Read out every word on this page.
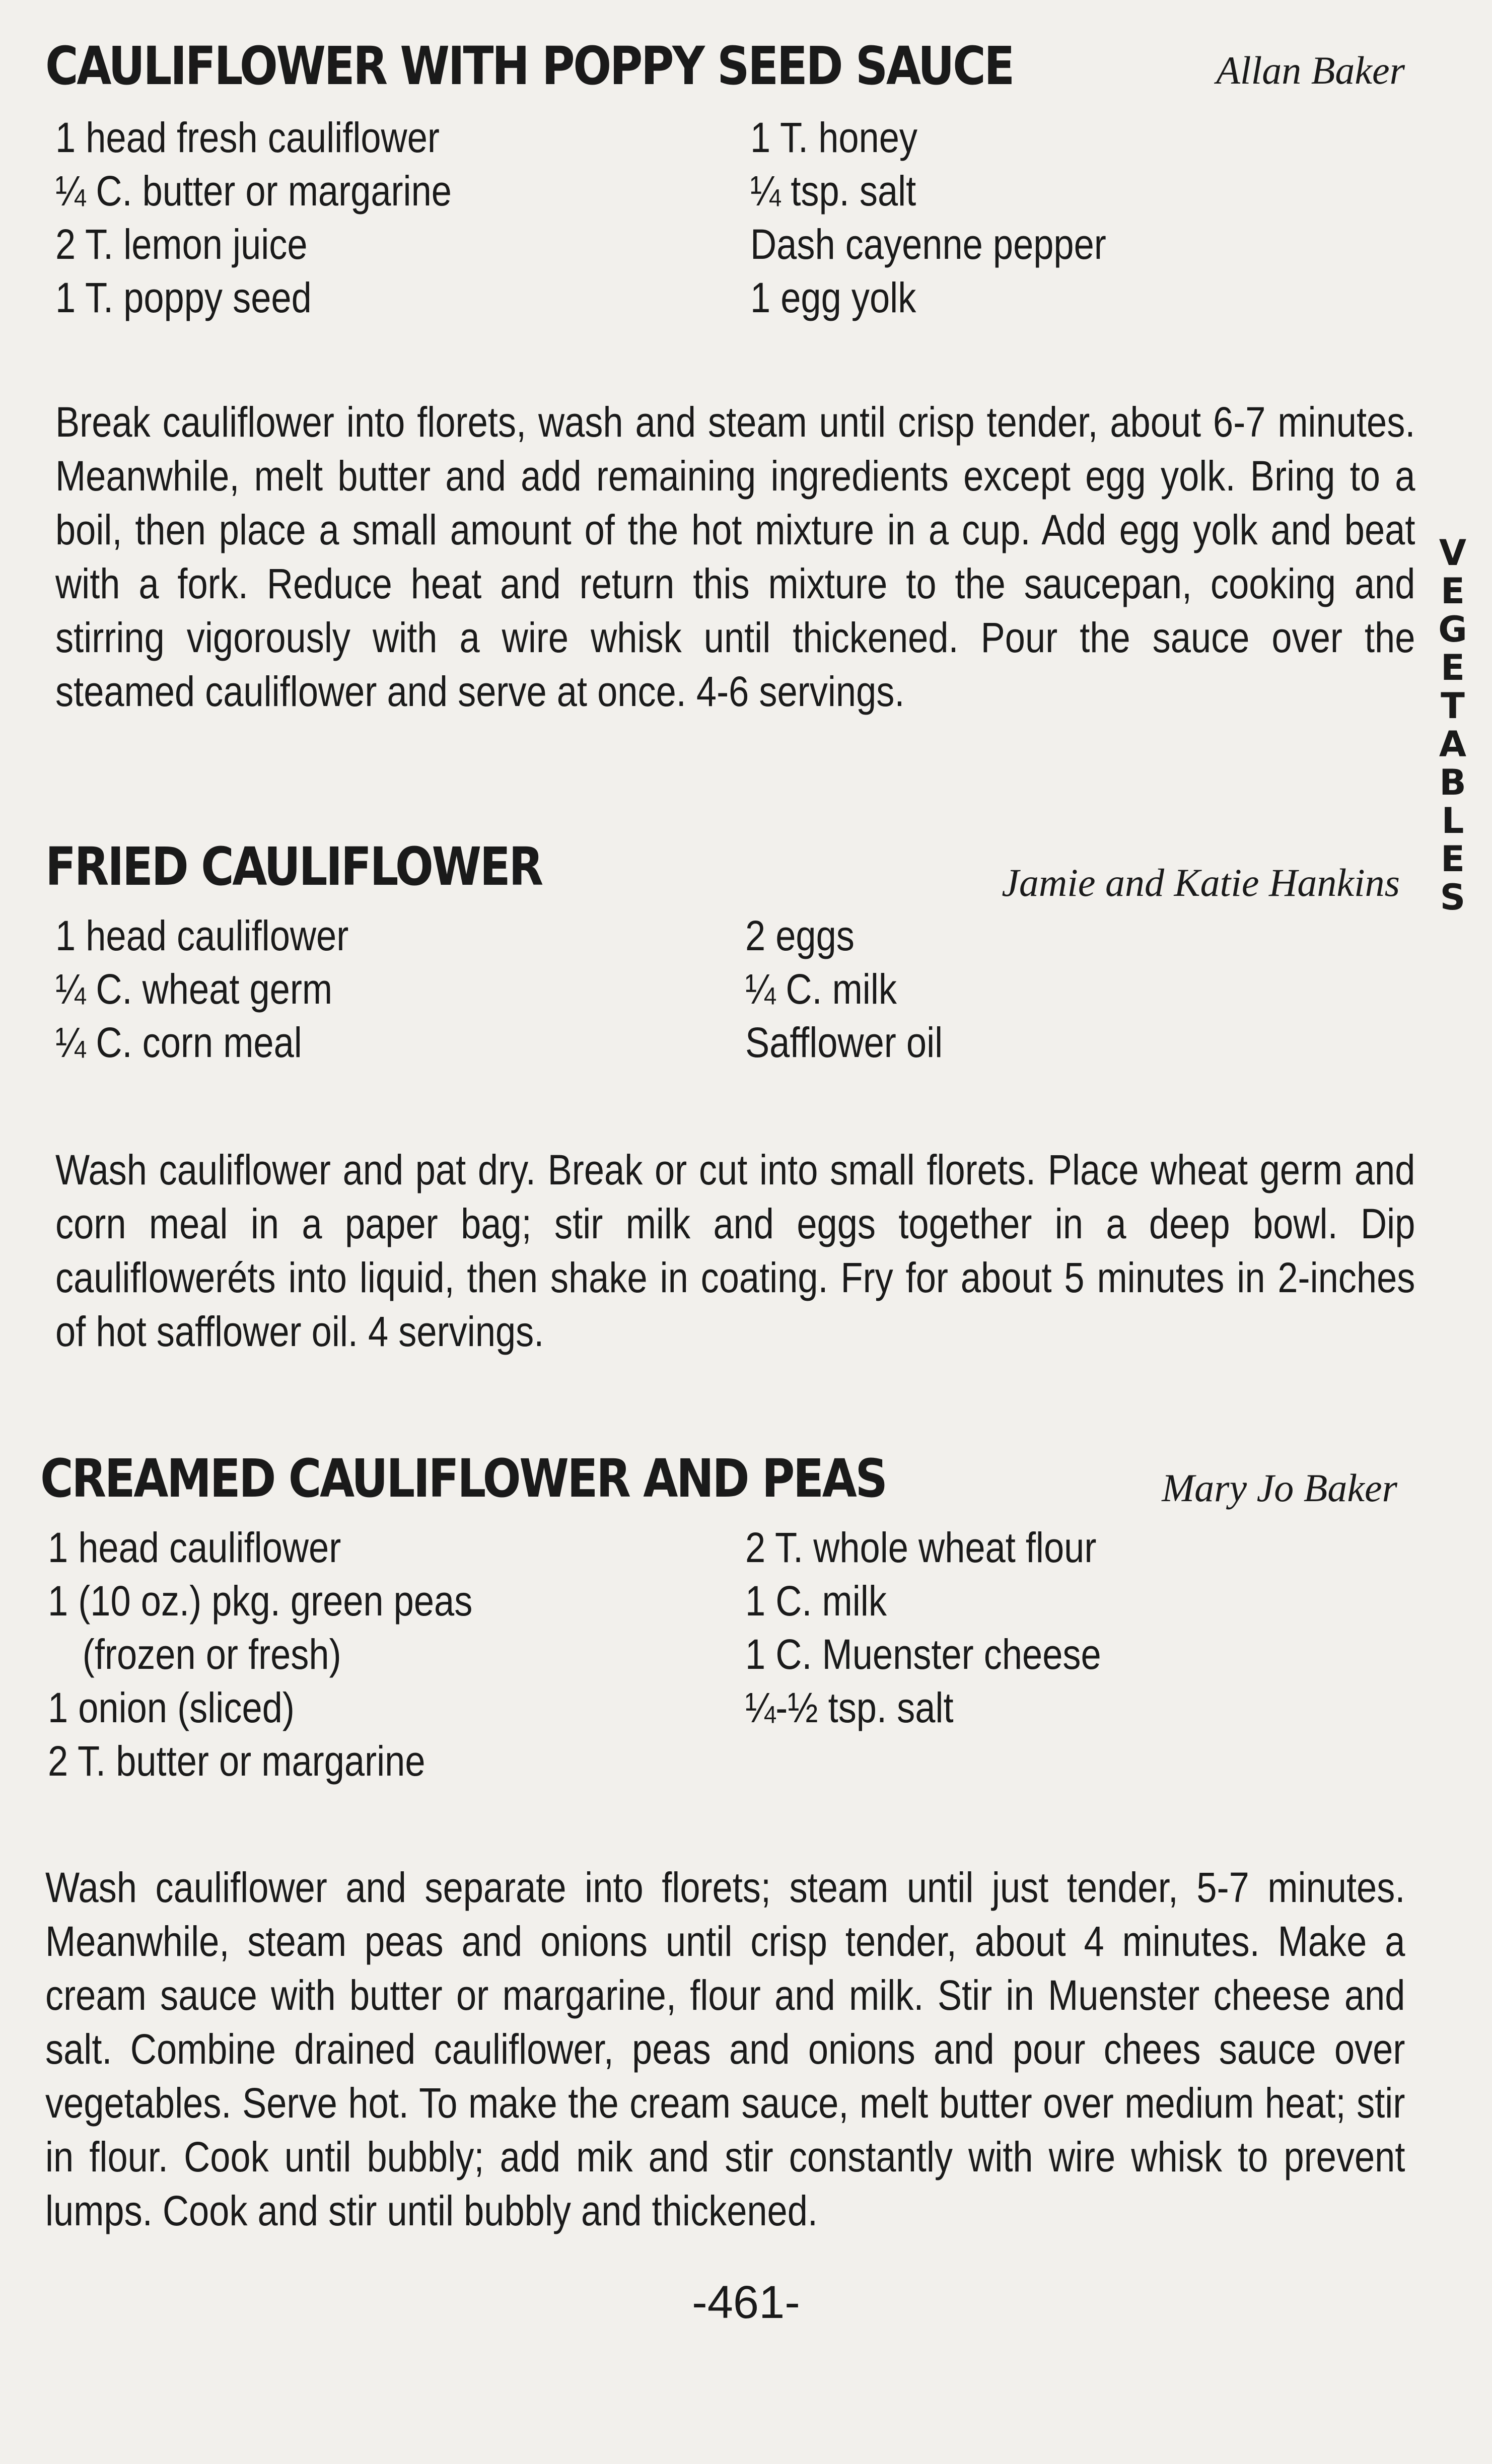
CAULIFLOWER WITH POPPY SEED SAUCE	Allan Baker
1 head fresh cauliflower
¼ C. butter or margarine
2 T. lemon juice
1 T. poppy seed
1 T. honey
¼ tsp. salt
Dash cayenne pepper
1 egg yolk

Break cauliflower into florets, wash and steam until crisp tender, about 6-7 minutes. Meanwhile, melt butter and add remaining ingredients except egg yolk. Bring to a boil, then place a small amount of the hot mixture in a cup. Add egg yolk and beat with a fork. Reduce heat and return this mixture to the saucepan, cooking and stirring vigorously with a wire whisk until thickened. Pour the sauce over the steamed cauliflower and serve at once. 4-6 servings.

FRIED CAULIFLOWER	Jamie and Katie Hankins
1 head cauliflower
¼ C. wheat germ
¼ C. corn meal
2 eggs
¼ C. milk
Safflower oil

Wash cauliflower and pat dry. Break or cut into small florets. Place wheat germ and corn meal in a paper bag; stir milk and eggs together in a deep bowl. Dip caulifloweréts into liquid, then shake in coating. Fry for about 5 minutes in 2-inches of hot safflower oil. 4 servings.

CREAMED CAULIFLOWER AND PEAS	Mary Jo Baker
1 head cauliflower
1 (10 oz.) pkg. green peas
(frozen or fresh)
1 onion (sliced)
2 T. butter or margarine
2 T. whole wheat flour
1 C. milk
1 C. Muenster cheese
¼-½ tsp. salt

Wash cauliflower and separate into florets; steam until just tender, 5-7 minutes. Meanwhile, steam peas and onions until crisp tender, about 4 minutes. Make a cream sauce with butter or margarine, flour and milk. Stir in Muenster cheese and salt. Combine drained cauliflower, peas and onions and pour chees sauce over vegetables. Serve hot. To make the cream sauce, melt butter over medium heat; stir in flour. Cook until bubbly; add mik and stir constantly with wire whisk to prevent lumps. Cook and stir until bubbly and thickened.

V
E
G
E
T
A
B
L
E
S
-461-
